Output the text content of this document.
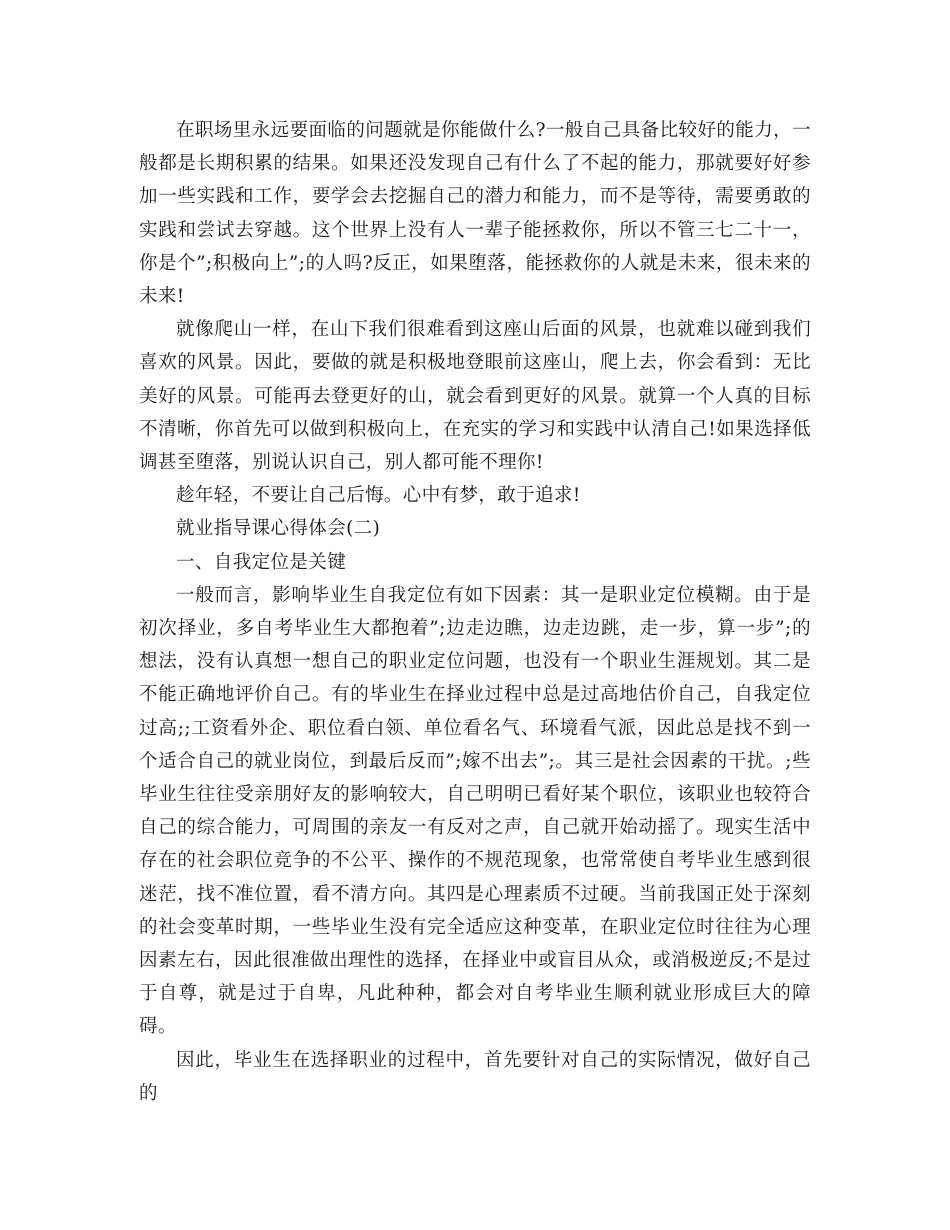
在职场里永远要面临的问题就是你能做什么?一般自己具备比较好的能力，一般都是长期积累的结果。如果还没发现自己有什么了不起的能力，那就要好好参加一些实践和工作，要学会去挖掘自己的潜力和能力，而不是等待，需要勇敢的实践和尝试去穿越。这个世界上没有人一辈子能拯救你，所以不管三七二十一，你是个”;积极向上”;的人吗?反正，如果堕落，能拯救你的人就是未来，很未来的未来!

就像爬山一样，在山下我们很难看到这座山后面的风景，也就难以碰到我们喜欢的风景。因此，要做的就是积极地登眼前这座山，爬上去，你会看到：无比美好的风景。可能再去登更好的山，就会看到更好的风景。就算一个人真的目标不清晰，你首先可以做到积极向上，在充实的学习和实践中认清自己!如果选择低调甚至堕落，别说认识自己，别人都可能不理你!

趁年轻，不要让自己后悔。心中有梦，敢于追求!

就业指导课心得体会(二)

一、自我定位是关键

一般而言，影响毕业生自我定位有如下因素：其一是职业定位模糊。由于是初次择业，多自考毕业生大都抱着”;边走边瞧，边走边跳，走一步，算一步”;的想法，没有认真想一想自己的职业定位问题，也没有一个职业生涯规划。其二是不能正确地评价自己。有的毕业生在择业过程中总是过高地估价自己，自我定位过高;;工资看外企、职位看白领、单位看名气、环境看气派，因此总是找不到一个适合自己的就业岗位，到最后反而”;嫁不出去”;。其三是社会因素的干扰。;些毕业生往往受亲朋好友的影响较大，自己明明已看好某个职位，该职业也较符合自己的综合能力，可周围的亲友一有反对之声，自己就开始动摇了。现实生活中存在的社会职位竞争的不公平、操作的不规范现象，也常常使自考毕业生感到很迷茫，找不准位置，看不清方向。其四是心理素质不过硬。当前我国正处于深刻的社会变革时期，一些毕业生没有完全适应这种变革，在职业定位时往往为心理因素左右，因此很准做出理性的选择，在择业中或盲目从众，或消极逆反;不是过于自尊，就是过于自卑，凡此种种，都会对自考毕业生顺利就业形成巨大的障碍。

因此，毕业生在选择职业的过程中，首先要针对自己的实际情况，做好自己的
